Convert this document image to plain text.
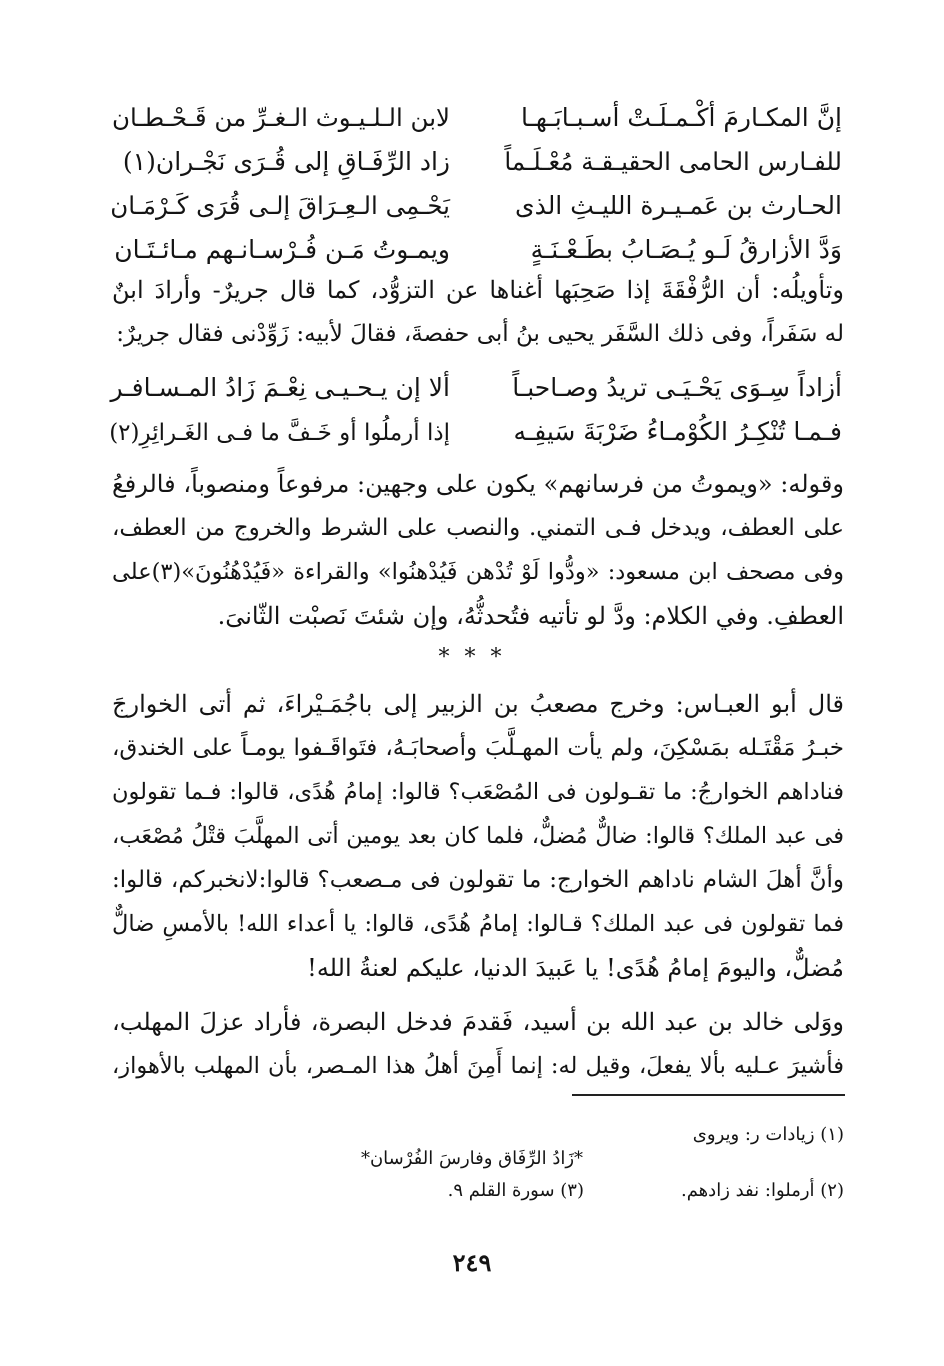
إنَّ المكـارمَ أكْـمـلَـتْ أسـبـابَـهـا
لابن الـلـيـوث الـغـرِّ من قَـحْـطـان
للفـارس الحامى الحقيـقـة مُعْـلَـماً
زاد الرِّفَـاقِ إلى قُـرَى نَجْـران(١)
الحـارث بن عَمـيـرة الليـثِ الذى
يَحْـمِى الـعِـرَاقَ إلـى قُرَى كَـرْمَـان
وَدَّ الأزارقُ لَـو يُـصَـابُ بطَـعْـنَـةٍ
ويمـوتُ مَـن فُـرْسـانـهم مـائـتَـان
وتأويلُه: أن الرُّفْقَةَ إذا صَحِبَها أغناها عن التزوُّد، كما قال جريرٌ- وأرادَ ابنٌ
له سَفَراً، وفى ذلك السَّفَر يحيى بنُ أبى حفصةَ، فقالَ لأبيه: زَوِّدْنى فقال جريرٌ:
أزاداً سِـوَى يَحْـيَـى تريدُ وصـاحبـاً
ألا إن يـحـيـى نِعْـمَ زَادُ المـسـافـر
فـمـا تُنْكِـرُ الكُوْمـاءُ ضَرْبَةَ سَيفِـه
إذا أرملُوا أو خَـفَّ ما فـى الغَـرائِرِ(٢)
وقوله: «ويموتُ من فرسانهم» يكون على وجهين: مرفوعاً ومنصوباً، فالرفعُ
على العطف، ويدخل فـى التمني. والنصب على الشرط والخروج من العطف،
وفى مصحف ابن مسعود: «ودُّوا لَوْ تُدْهن فَيُدْهنُوا» والقراءة «فَيُدْهُنُونَ»(٣)على
العطفِ. وفي الكلام: ودَّ لو تأتيه فتُحدثُّهُ، وإن شئتَ نَصبْت الثّانىَ.
* * *
قال أبو العبـاس: وخرج مصعبُ بن الزبير إلى باجُمَـيْراءَ، ثم أتى الخوارجَ
خبـرُ مَقْتَـله بمَسْكِنَ، ولم يأت المهـلَّبَ وأصحابَـهُ، فتَواقَـفوا يومـاً على الخندق،
فناداهم الخوارجُ: ما تقـولون فى المُصْعَب؟ قالوا: إمامُ هُدًى، قالوا: فـما تقولون
فى عبد الملك؟ قالوا: ضالٌّ مُضلٌّ، فلما كان بعد يومين أتى المهلَّبَ قتْلُ مُصْعَب،
وأنَّ أهلَ الشام ناداهم الخوارج: ما تقولون فى مـصعب؟ قالوا:لانخبركم، قالوا:
فما تقولون فى عبد الملك؟ قـالوا: إمامُ هُدًى، قالوا: يا أعداء الله! بالأمسِ ضالٌّ
مُضلٌّ، واليومَ إمامُ هُدًى! يا عَبيدَ الدنيا، عليكم لعنةُ الله!
ووَلى خالد بن عبد الله بن أسيد، فَقدمَ فدخل البصرة، فأراد عزلَ المهلب،
فأشيرَ عـليه بألا يفعلَ، وقيل له: إنما أَمِنَ أهلُ هذا المـصر، بأن المهلب بالأهواز،
(١) زيادات ر: ويروى
*زَادُ الرِّفَاق وفارسَ الفُرْسان*
(٢) أرملوا: نفد زادهم.
(٣) سورة القلم ٩.
٢٤٩
